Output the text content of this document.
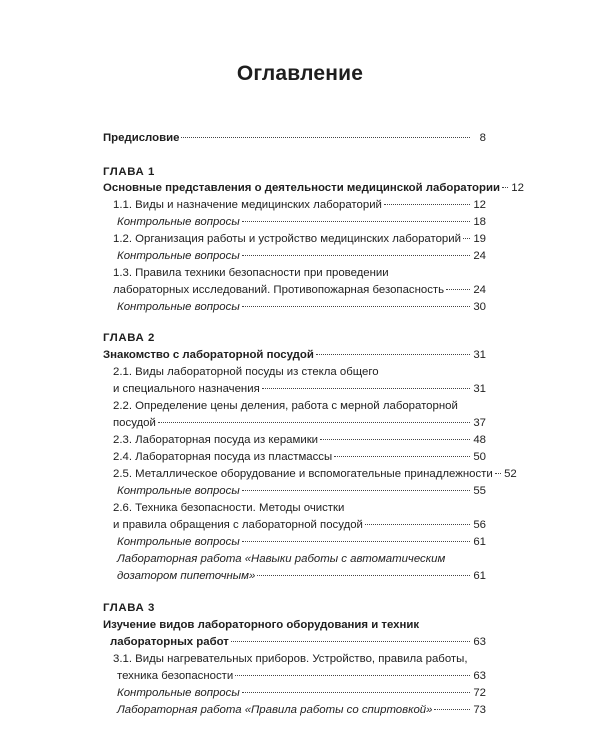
Оглавление
Предисловие	8
ГЛАВА 1
Основные представления о деятельности медицинской лаборатории 12
1.1. Виды и назначение медицинских лабораторий	12
Контрольные вопросы	18
1.2. Организация работы и устройство медицинских лабораторий 19
Контрольные вопросы	24
1.3. Правила техники безопасности при проведении
лабораторных исследований. Противопожарная безопасность	24
Контрольные вопросы	30
ГЛАВА 2
Знакомство с лабораторной посудой	31
2.1. Виды лабораторной посуды из стекла общего
и специального назначения	31
2.2. Определение цены деления, работа с мерной лабораторной
посудой	37
2.3. Лабораторная посуда из керамики	48
2.4. Лабораторная посуда из пластмассы	50
2.5. Металлическое оборудование и вспомогательные принадлежности 52
Контрольные вопросы	55
2.6. Техника безопасности. Методы очистки
и правила обращения с лабораторной посудой	56
Контрольные вопросы	61
Лабораторная работа «Навыки работы с автоматическим
дозатором пипеточным»	61
ГЛАВА 3
Изучение видов лабораторного оборудования и техник
лабораторных работ	63
3.1. Виды нагревательных приборов. Устройство, правила работы,
техника безопасности	63
Контрольные вопросы	72
Лабораторная работа «Правила работы со спиртовкой»	73
